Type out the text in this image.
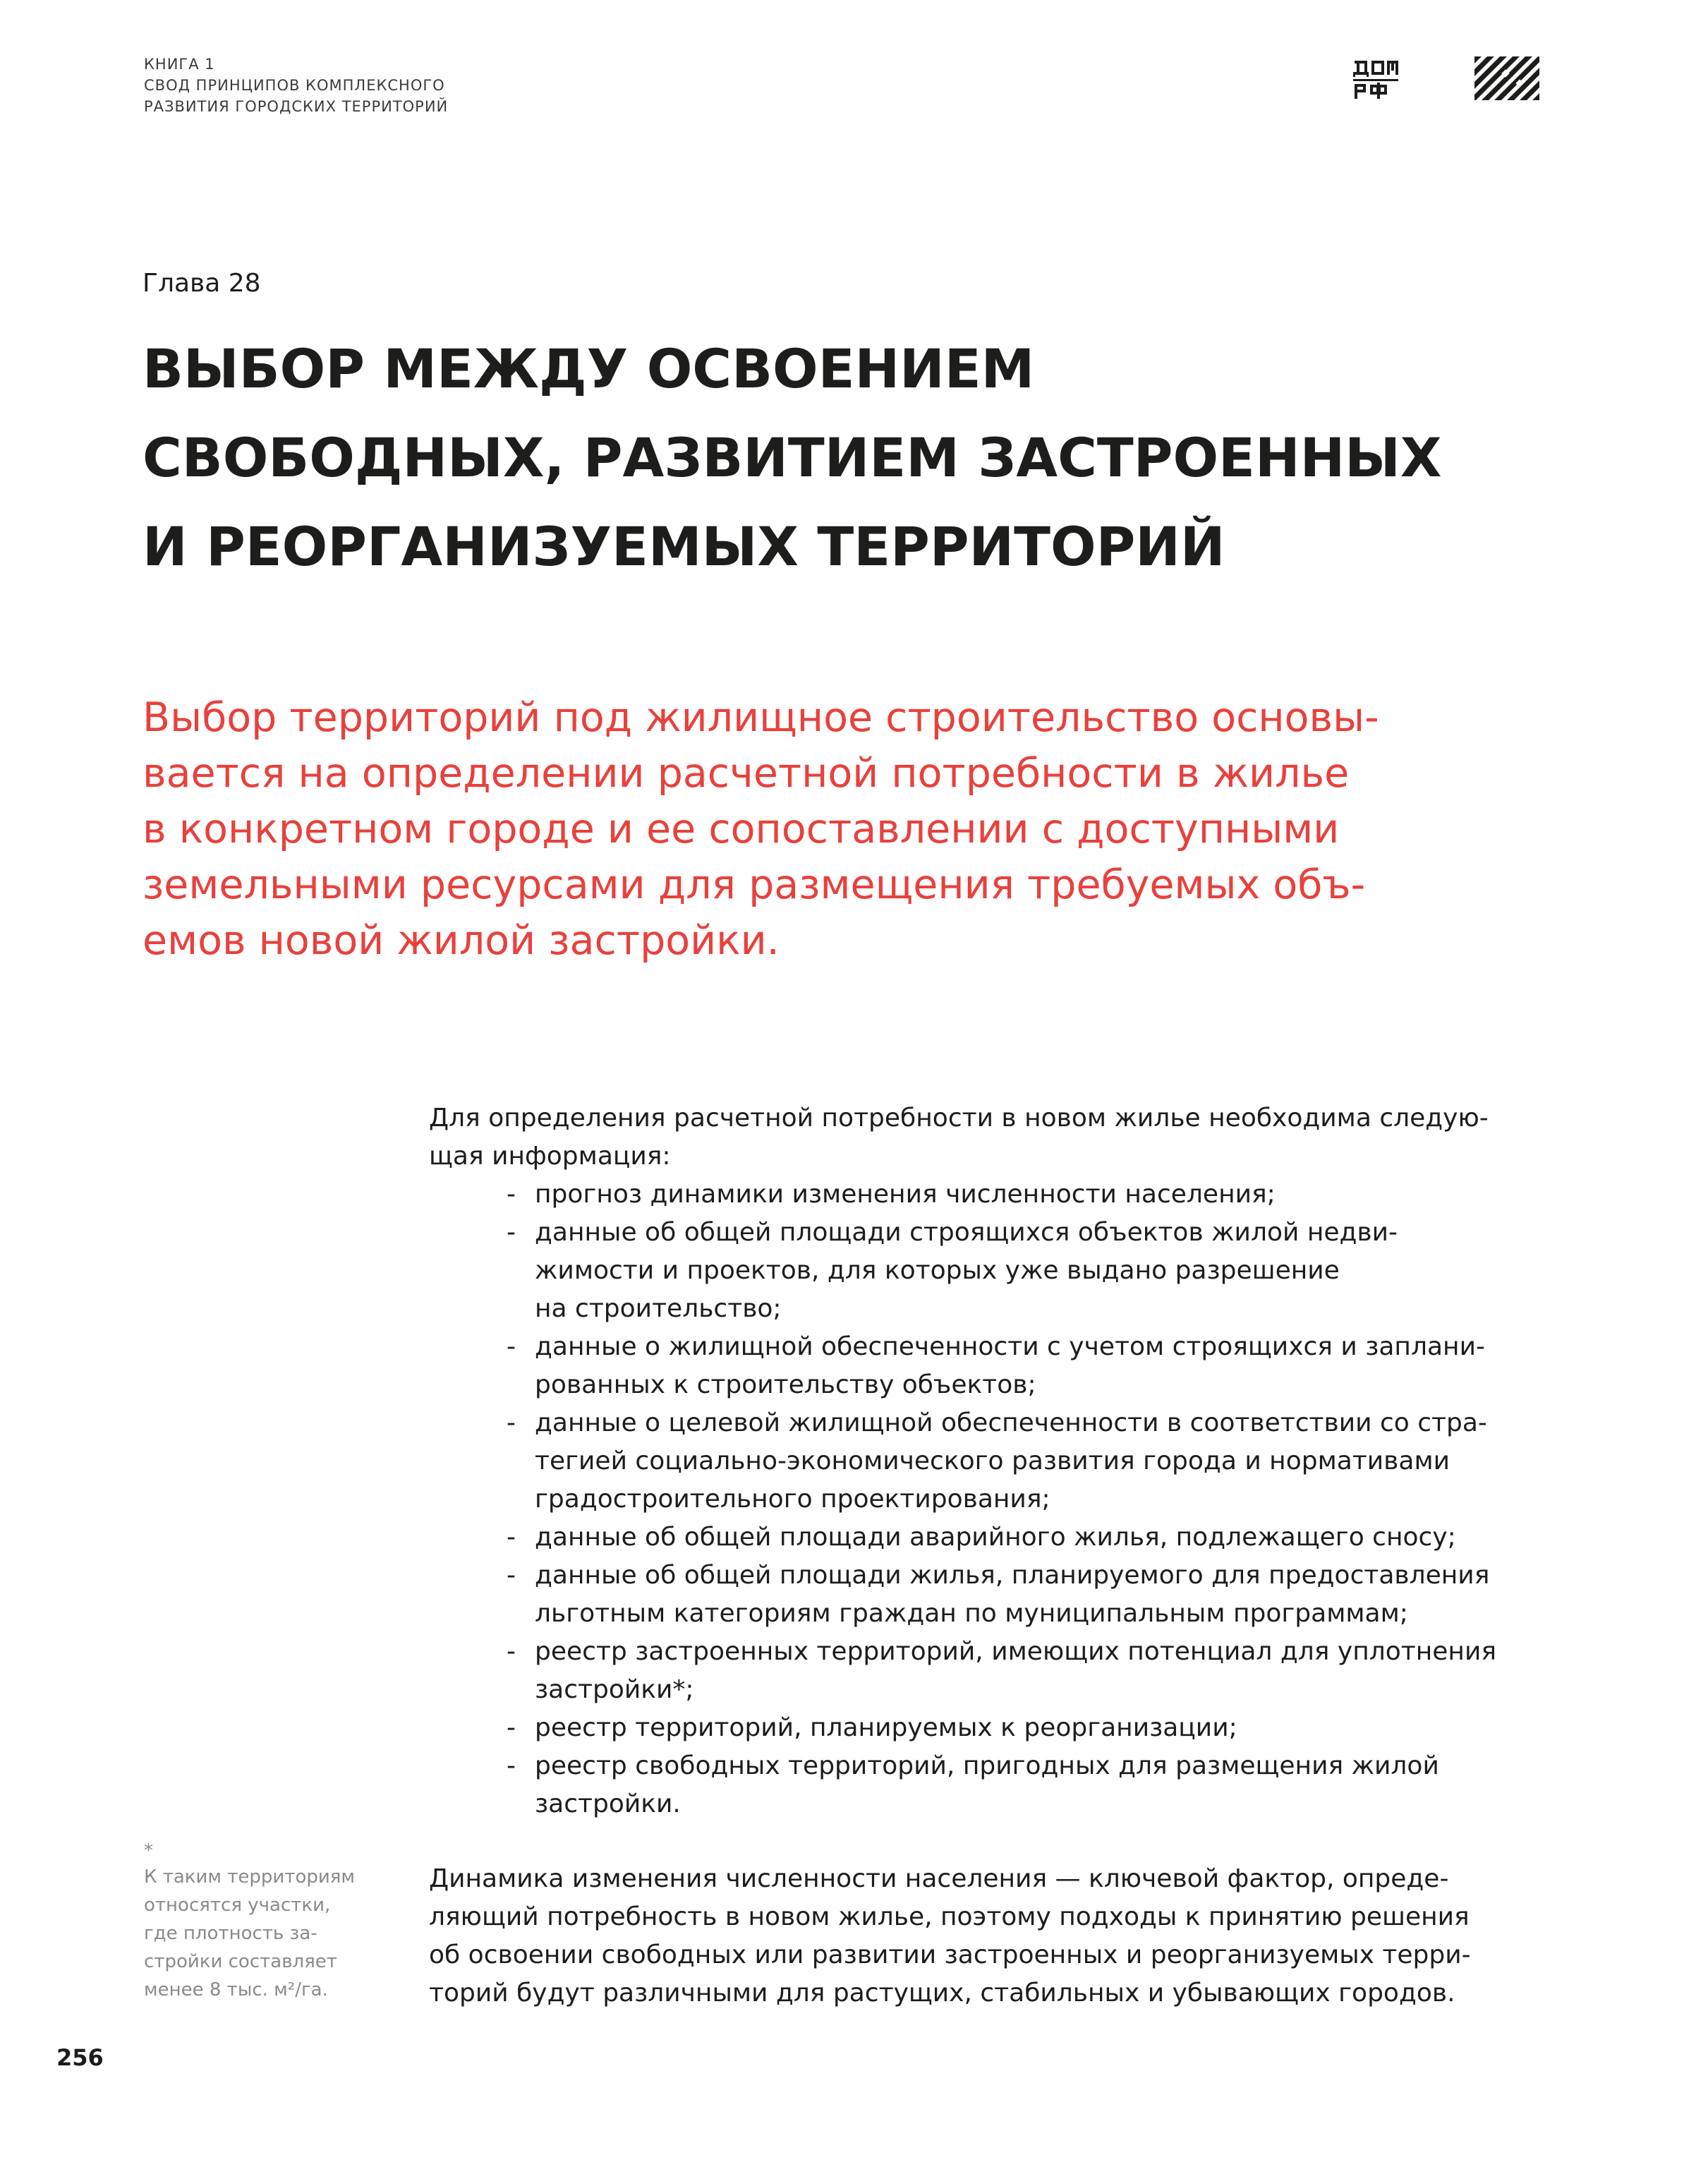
КНИГА 1
СВОД ПРИНЦИПОВ КОМПЛЕКСНОГО
РАЗВИТИЯ ГОРОДСКИХ ТЕРРИТОРИЙ
Глава 28
ВЫБОР МЕЖДУ ОСВОЕНИЕМ
СВОБОДНЫХ, РАЗВИТИЕМ ЗАСТРОЕННЫХ
И РЕОРГАНИЗУЕМЫХ ТЕРРИТОРИЙ
Выбор территорий под жилищное строительство основы-
вается на определении расчетной потребности в жилье
в конкретном городе и ее сопоставлении с доступными
земельными ресурсами для размещения требуемых объ-
емов новой жилой застройки.
Для определения расчетной потребности в новом жилье необходима следую-
щая информация:
- прогноз динамики изменения численности населения;
- данные об общей площади строящихся объектов жилой недви-
жимости и проектов, для которых уже выдано разрешение
на строительство;
- данные о жилищной обеспеченности с учетом строящихся и заплани-
рованных к строительству объектов;
- данные о целевой жилищной обеспеченности в соответствии со стра-
тегией социально-экономического развития города и нормативами
градостроительного проектирования;
- данные об общей площади аварийного жилья, подлежащего сносу;
- данные об общей площади жилья, планируемого для предоставления
льготным категориям граждан по муниципальным программам;
- реестр застроенных территорий, имеющих потенциал для уплотнения
застройки*;
- реестр территорий, планируемых к реорганизации;
- реестр свободных территорий, пригодных для размещения жилой
застройки.
*
К таким территориям
относятся участки,
где плотность за-
стройки составляет
менее 8 тыс. м²/га.
Динамика изменения численности населения — ключевой фактор, опреде-
ляющий потребность в новом жилье, поэтому подходы к принятию решения
об освоении свободных или развитии застроенных и реорганизуемых терри-
торий будут различными для растущих, стабильных и убывающих городов.
256
